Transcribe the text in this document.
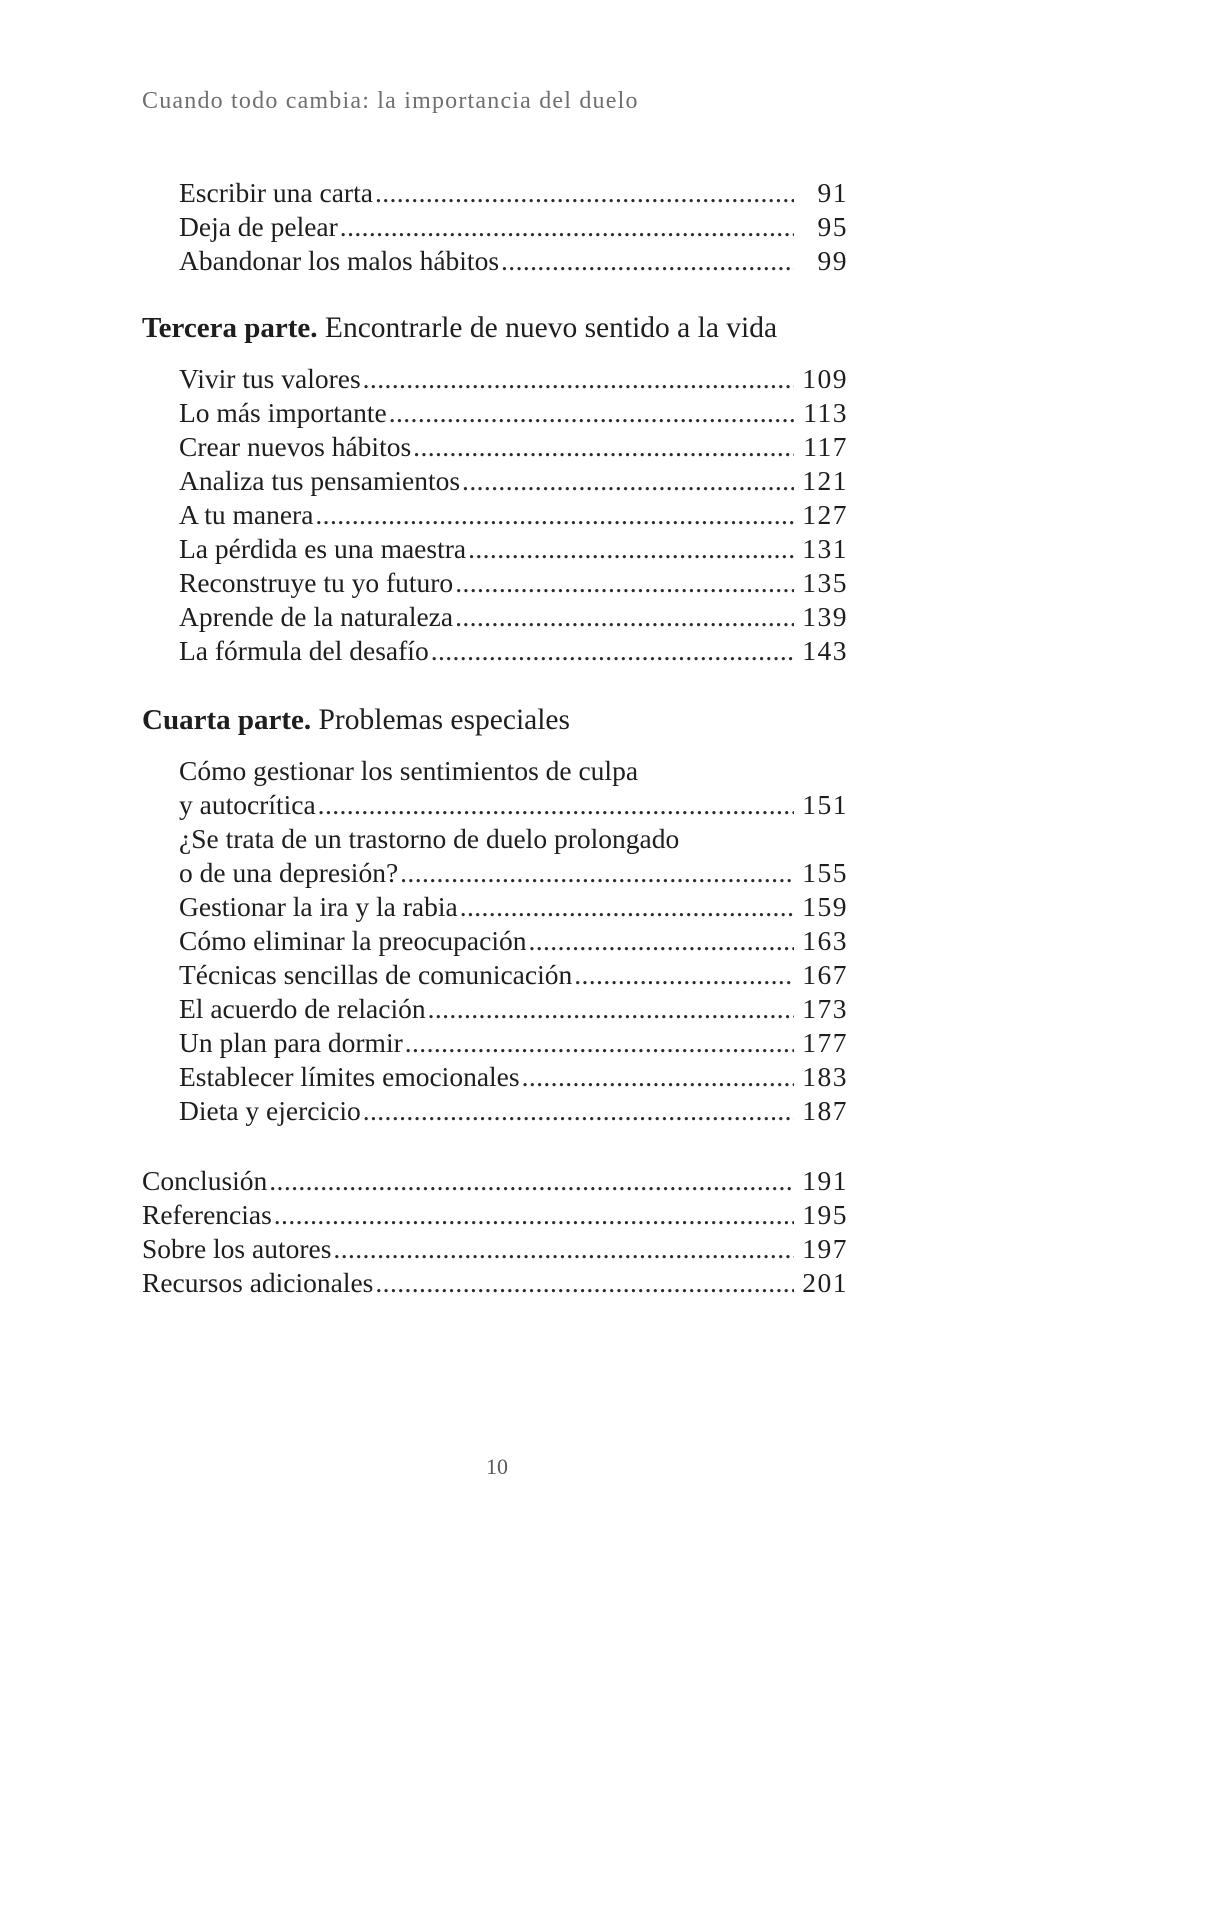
Cuando todo cambia: la importancia del duelo
Escribir una carta .....	91
Deja de pelear .....	95
Abandonar los malos hábitos .....	99
Tercera parte. Encontrarle de nuevo sentido a la vida
Vivir tus valores .....	109
Lo más importante .....	113
Crear nuevos hábitos .....	117
Analiza tus pensamientos .....	121
A tu manera .....	127
La pérdida es una maestra .....	131
Reconstruye tu yo futuro .....	135
Aprende de la naturaleza .....	139
La fórmula del desafío .....	143
Cuarta parte. Problemas especiales
Cómo gestionar los sentimientos de culpa
y autocrítica .....	151
¿Se trata de un trastorno de duelo prolongado
o de una depresión? .....	155
Gestionar la ira y la rabia .....	159
Cómo eliminar la preocupación .....	163
Técnicas sencillas de comunicación .....	167
El acuerdo de relación .....	173
Un plan para dormir .....	177
Establecer límites emocionales .....	183
Dieta y ejercicio .....	187
Conclusión .....	191
Referencias .....	195
Sobre los autores .....	197
Recursos adicionales .....	201
10
